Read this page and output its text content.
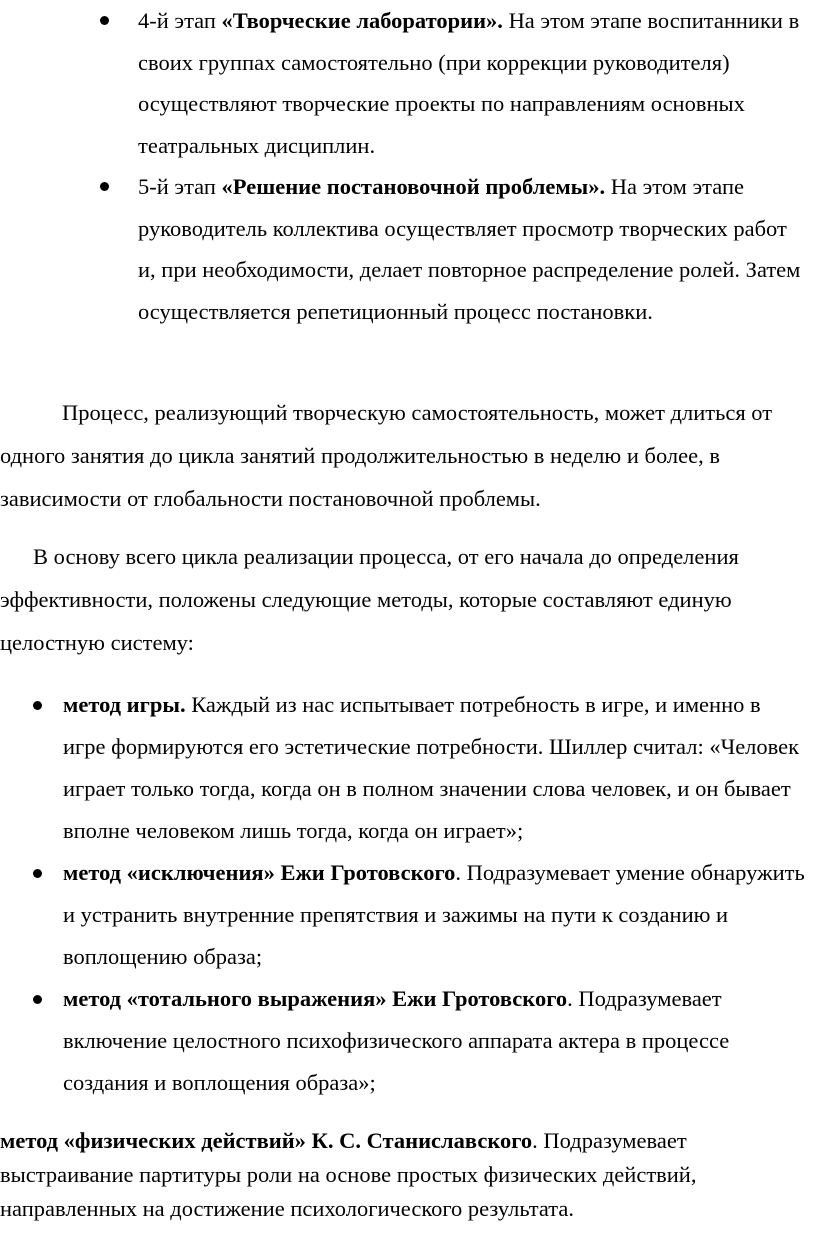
4-й этап «Творческие лаборатории». На этом этапе воспитанники в своих группах самостоятельно (при коррекции руководителя) осуществляют творческие проекты по направлениям основных театральных дисциплин.
5-й этап «Решение постановочной проблемы». На этом этапе руководитель коллектива осуществляет просмотр творческих работ и, при необходимости, делает повторное распределение ролей. Затем осуществляется репетиционный процесс постановки.

Процесс, реализующий творческую самостоятельность, может длиться от одного занятия до цикла занятий продолжительностью в неделю и более, в зависимости от глобальности постановочной проблемы.

В основу всего цикла реализации процесса, от его начала до определения эффективности, положены следующие методы, которые составляют единую целостную систему:

метод игры. Каждый из нас испытывает потребность в игре, и именно в игре формируются его эстетические потребности. Шиллер считал: «Человек играет только тогда, когда он в полном значении слова человек, и он бывает вполне человеком лишь тогда, когда он играет»;
метод «исключения» Ежи Гротовского. Подразумевает умение обнаружить и устранить внутренние препятствия и зажимы на пути к созданию и воплощению образа;
метод «тотального выражения» Ежи Гротовского. Подразумевает включение целостного психофизического аппарата актера в процессе создания и воплощения образа»;

метод «физических действий» К. С. Станиславского. Подразумевает выстраивание партитуры роли на основе простых физических действий, направленных на достижение психологического результата.
